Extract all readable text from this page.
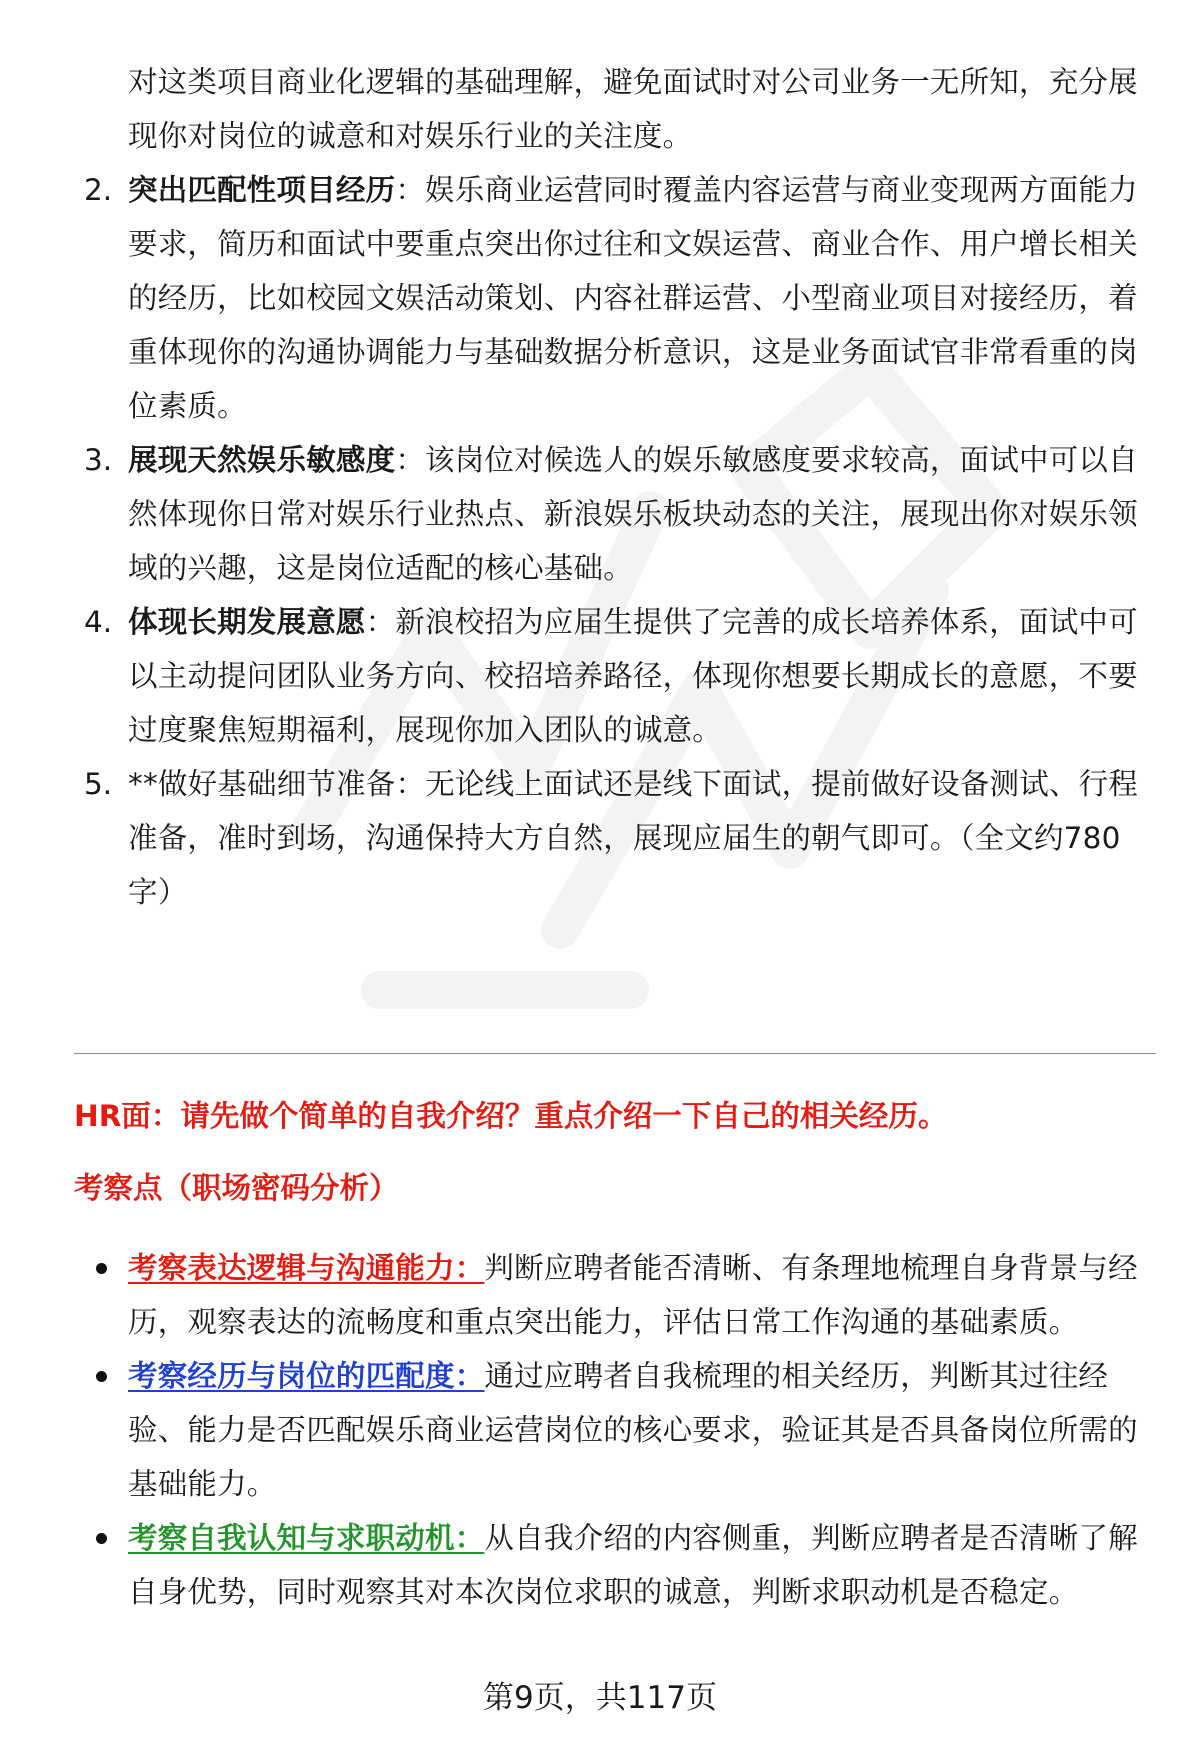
对这类项目商业化逻辑的基础理解，避免面试时对公司业务一无所知，充分展
现你对岗位的诚意和对娱乐行业的关注度。
2. 突出匹配性项目经历：娱乐商业运营同时覆盖内容运营与商业变现两方面能力
要求，简历和面试中要重点突出你过往和文娱运营、商业合作、用户增长相关
的经历，比如校园文娱活动策划、内容社群运营、小型商业项目对接经历，着
重体现你的沟通协调能力与基础数据分析意识，这是业务面试官非常看重的岗
位素质。
3. 展现天然娱乐敏感度：该岗位对候选人的娱乐敏感度要求较高，面试中可以自
然体现你日常对娱乐行业热点、新浪娱乐板块动态的关注，展现出你对娱乐领
域的兴趣，这是岗位适配的核心基础。
4. 体现长期发展意愿：新浪校招为应届生提供了完善的成长培养体系，面试中可
以主动提问团队业务方向、校招培养路径，体现你想要长期成长的意愿，不要
过度聚焦短期福利，展现你加入团队的诚意。
5. **做好基础细节准备：无论线上面试还是线下面试，提前做好设备测试、行程
准备，准时到场，沟通保持大方自然，展现应届生的朝气即可。（全文约780
字）
HR面：请先做个简单的自我介绍？重点介绍一下自己的相关经历。
考察点（职场密码分析）
考察表达逻辑与沟通能力：判断应聘者能否清晰、有条理地梳理自身背景与经
历，观察表达的流畅度和重点突出能力，评估日常工作沟通的基础素质。
考察经历与岗位的匹配度：通过应聘者自我梳理的相关经历，判断其过往经
验、能力是否匹配娱乐商业运营岗位的核心要求，验证其是否具备岗位所需的
基础能力。
考察自我认知与求职动机：从自我介绍的内容侧重，判断应聘者是否清晰了解
自身优势，同时观察其对本次岗位求职的诚意，判断求职动机是否稳定。
第9页，共117页
